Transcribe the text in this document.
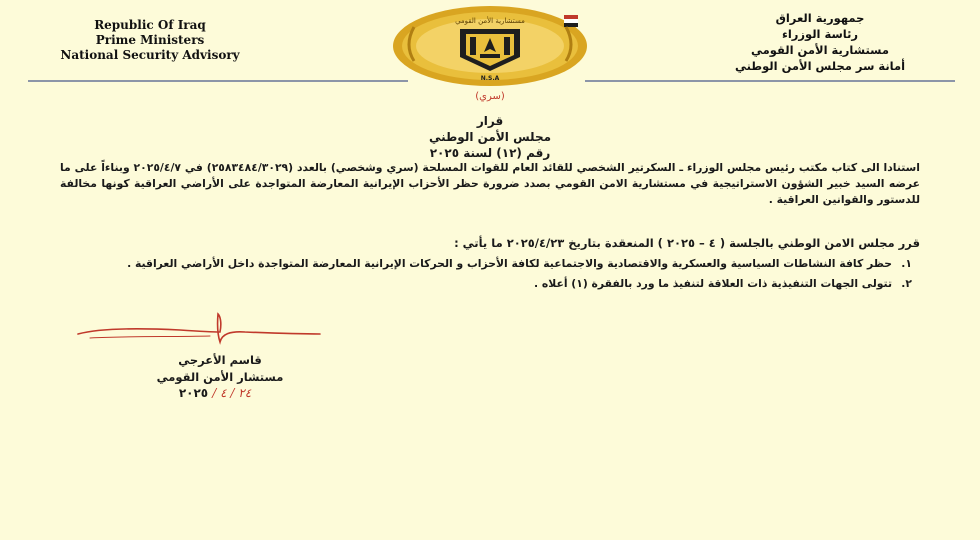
Republic Of Iraq
Prime Ministers
National Security Advisory
جمهورية العراق
رئاسة الوزراء
مستشارية الأمن القومي
أمانة سر مجلس الأمن الوطني
مستشارية الأمن القومي
N.S.A
(سري)
قرار
مجلس الأمن الوطني
رقم (١٢) لسنة ٢٠٢٥

استنادا الى كتاب مكتب رئيس مجلس الوزراء ـ السكرتير الشخصي للقائد العام للقوات المسلحة (سري وشخصي) بالعدد (٢٥٨٣٤٨٤/٣٠٢٩) في ٢٠٢٥/٤/٧ وبناءاً على ما عرضه السيد خبير الشؤون الاستراتيجية في مستشارية الامن القومي بصدد ضرورة حظر الأحزاب الإيرانية المعارضة المتواجدة على الأراضي العراقية كونها مخالفة للدستور والقوانين العراقية .

قرر مجلس الامن الوطني بالجلسة ( ٤ – ٢٠٢٥ ) المنعقدة بتاريخ ٢٠٢٥/٤/٢٣ ما يأتي :
١.
حظر كافة النشاطات السياسية والعسكرية والاقتصادية والاجتماعية لكافة الأحزاب و الحركات الإيرانية المعارضة المتواجدة داخل الأراضي العراقية .
٢.
تتولى الجهات التنفيذية ذات العلاقة لتنفيذ ما ورد بالفقرة (١) أعلاه .
قاسم الأعرجي
مستشار الأمن القومي
٢٤ / ٤ / ٢٠٢٥
